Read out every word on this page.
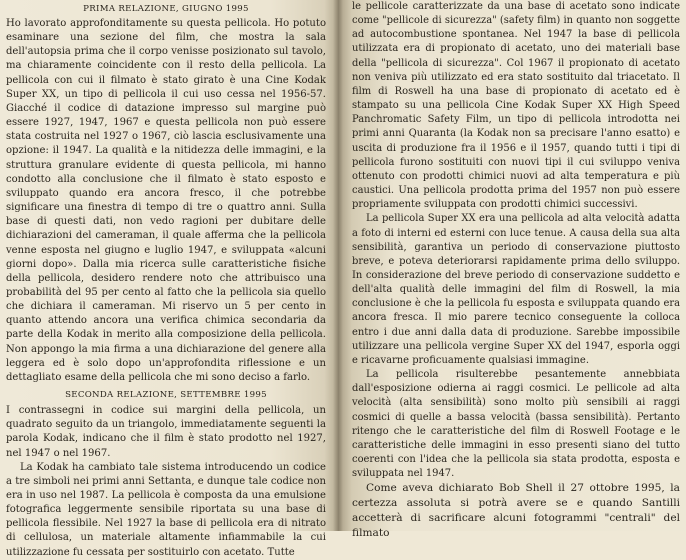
PRIMA RELAZIONE, GIUGNO 1995

Ho lavorato approfonditamente su questa pellicola. Ho potuto esaminare una sezione del film, che mostra la sala dell'autopsia prima che il corpo venisse posizionato sul tavolo, ma chiaramente coincidente con il resto della pellicola. La pellicola con cui il filmato è stato girato è una Cine Kodak Super XX, un tipo di pellicola il cui uso cessa nel 1956-57. Giacché il codice di datazione impresso sul margine può essere 1927, 1947, 1967 e questa pellicola non può essere stata costruita nel 1927 o 1967, ciò lascia esclusivamente una opzione: il 1947. La qualità e la nitidezza delle immagini, e la struttura granulare evidente di questa pellicola, mi hanno condotto alla conclusione che il filmato è stato esposto e sviluppato quando era ancora fresco, il che potrebbe significare una finestra di tempo di tre o quattro anni. Sulla base di questi dati, non vedo ragioni per dubitare delle dichiarazioni del cameraman, il quale afferma che la pellicola venne esposta nel giugno e luglio 1947, e sviluppata «alcuni giorni dopo». Dalla mia ricerca sulle caratteristiche fisiche della pellicola, desidero rendere noto che attribuisco una probabilità del 95 per cento al fatto che la pellicola sia quello che dichiara il cameraman. Mi riservo un 5 per cento in quanto attendo ancora una verifica chimica secondaria da parte della Kodak in merito alla composizione della pellicola. Non appongo la mia firma a una dichiarazione del genere alla leggera ed è solo dopo un'approfondita riflessione e un dettagliato esame della pellicola che mi sono deciso a farlo.

SECONDA RELAZIONE, SETTEMBRE 1995

I contrassegni in codice sui margini della pellicola, un quadrato seguito da un triangolo, immediatamente seguenti la parola Kodak, indicano che il film è stato prodotto nel 1927, nel 1947 o nel 1967.

La Kodak ha cambiato tale sistema introducendo un codice a tre simboli nei primi anni Settanta, e dunque tale codice non era in uso nel 1987. La pellicola è composta da una emulsione fotografica leggermente sensibile riportata su una base di pellicola flessibile. Nel 1927 la base di pellicola era di nitrato di cellulosa, un materiale altamente infiammabile la cui utilizzazione fu cessata per sostituirlo con acetato. Tutte

le pellicole caratterizzate da una base di acetato sono indicate come "pellicole di sicurezza" (safety film) in quanto non soggette ad autocombustione spontanea. Nel 1947 la base di pellicola utilizzata era di propionato di acetato, uno dei materiali base della "pellicola di sicurezza". Col 1967 il propionato di acetato non veniva più utilizzato ed era stato sostituito dal triacetato. Il film di Roswell ha una base di propionato di acetato ed è stampato su una pellicola Cine Kodak Super XX High Speed Panchromatic Safety Film, un tipo di pellicola introdotta nei primi anni Quaranta (la Kodak non sa precisare l'anno esatto) e uscita di produzione fra il 1956 e il 1957, quando tutti i tipi di pellicola furono sostituiti con nuovi tipi il cui sviluppo veniva ottenuto con prodotti chimici nuovi ad alta temperatura e più caustici. Una pellicola prodotta prima del 1957 non può essere propriamente sviluppata con prodotti chimici successivi.

La pellicola Super XX era una pellicola ad alta velocità adatta a foto di interni ed esterni con luce tenue. A causa della sua alta sensibilità, garantiva un periodo di conservazione piuttosto breve, e poteva deteriorarsi rapidamente prima dello sviluppo. In considerazione del breve periodo di conservazione suddetto e dell'alta qualità delle immagini del film di Roswell, la mia conclusione è che la pellicola fu esposta e sviluppata quando era ancora fresca. Il mio parere tecnico conseguente la colloca entro i due anni dalla data di produzione. Sarebbe impossibile utilizzare una pellicola vergine Super XX del 1947, esporla oggi e ricavarne proficuamente qualsiasi immagine.

La pellicola risulterebbe pesantemente annebbiata dall'esposizione odierna ai raggi cosmici. Le pellicole ad alta velocità (alta sensibilità) sono molto più sensibili ai raggi cosmici di quelle a bassa velocità (bassa sensibilità). Pertanto ritengo che le caratteristiche del film di Roswell Footage e le caratteristiche delle immagini in esso presenti siano del tutto coerenti con l'idea che la pellicola sia stata prodotta, esposta e sviluppata nel 1947.

Come aveva dichiarato Bob Shell il 27 ottobre 1995, la certezza assoluta si potrà avere se e quando Santilli accetterà di sacrificare alcuni fotogrammi "centrali" del filmato
